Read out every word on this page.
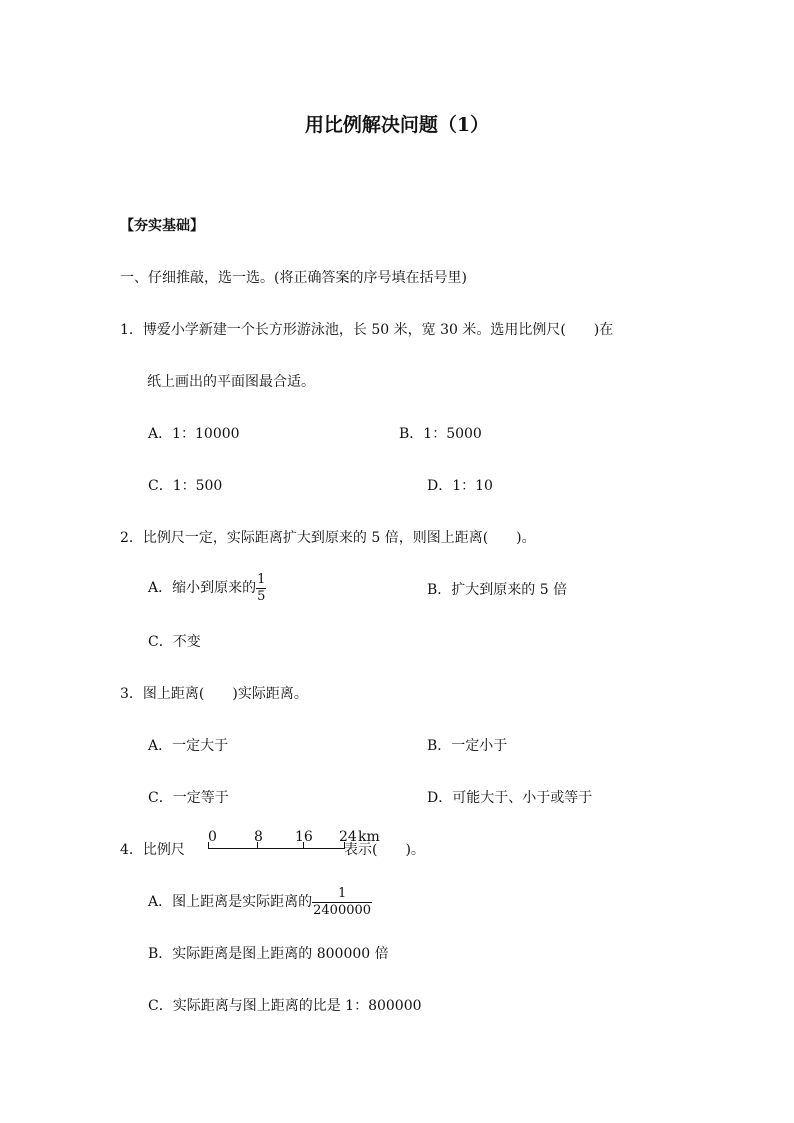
用比例解决问题（1）
【夯实基础】
一、仔细推敲，选一选。(将正确答案的序号填在括号里)
1．博爱小学新建一个长方形游泳池，长 50 米，宽 30 米。选用比例尺(　　)在
纸上画出的平面图最合适。
A．1：10000	B．1：5000
C．1：500	D．1：10
2．比例尺一定，实际距离扩大到原来的 5 倍，则图上距离(　　)。
A．缩小到原来的 $\frac{1}{5}$	B．扩大到原来的 5 倍
C．不变
3．图上距离(　　)实际距离。
A．一定大于	B．一定小于
C．一定等于	D．可能大于、小于或等于
4．比例尺
0	8 16 24 km
表示(　　)。
A．图上距离是实际距离的 $\frac{1}{2400000}$
B．实际距离是图上距离的 800000 倍
C．实际距离与图上距离的比是 1：800000
